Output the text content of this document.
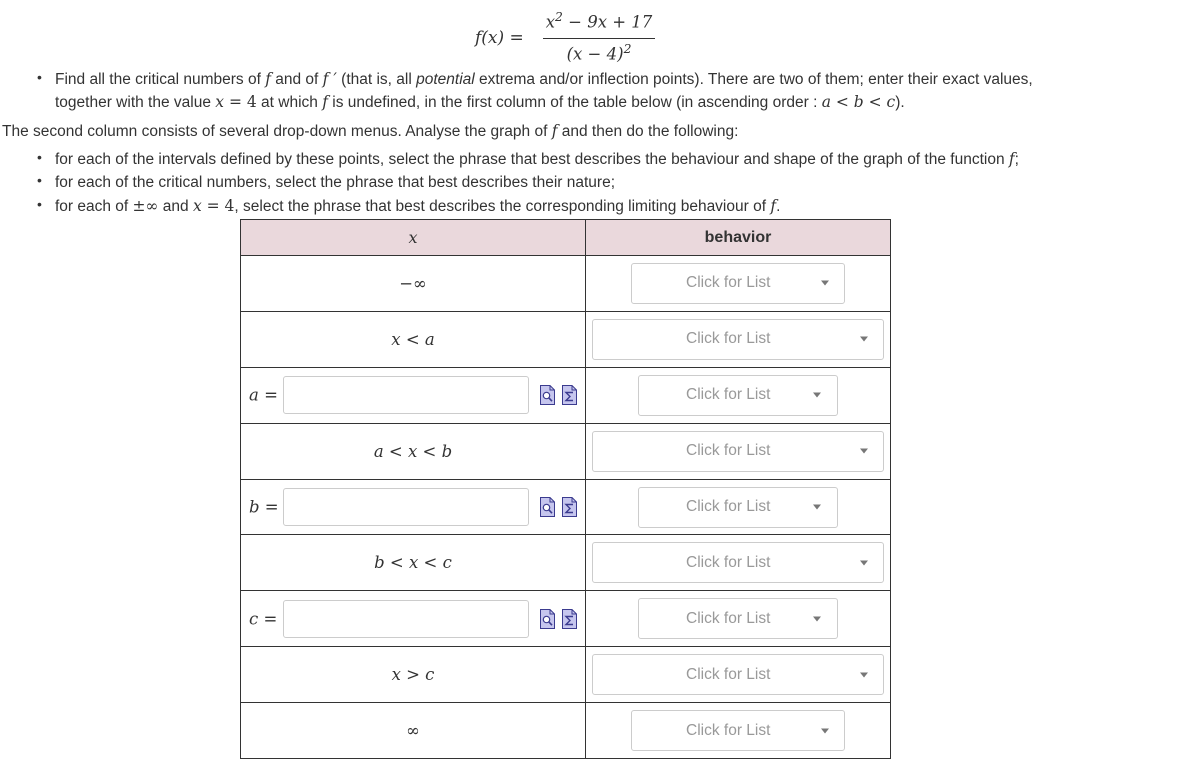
f(x) =
$x^2 - 9x + 17$
$(x - 4)^2$
• Find all the critical numbers of f and of f ′ (that is, all potential extrema and/or inflection points). There are two of them; enter their exact values,
together with the value x = 4 at which f is undefined, in the first column of the table below (in ascending order : a < b < c).
The second column consists of several drop-down menus. Analyse the graph of f and then do the following:
• for each of the intervals defined by these points, select the phrase that best describes the behaviour and shape of the graph of the function f;
• for each of the critical numbers, select the phrase that best describes their nature;
• for each of ±∞ and x = 4, select the phrase that best describes the corresponding limiting behaviour of f.
x	behavior
−∞	Click for List

x < a	Click for List

a =	Click for List

a < x < b	Click for List

b =	Click for List

b < x < c	Click for List

c =	Click for List

x > c	Click for List

∞	Click for List
